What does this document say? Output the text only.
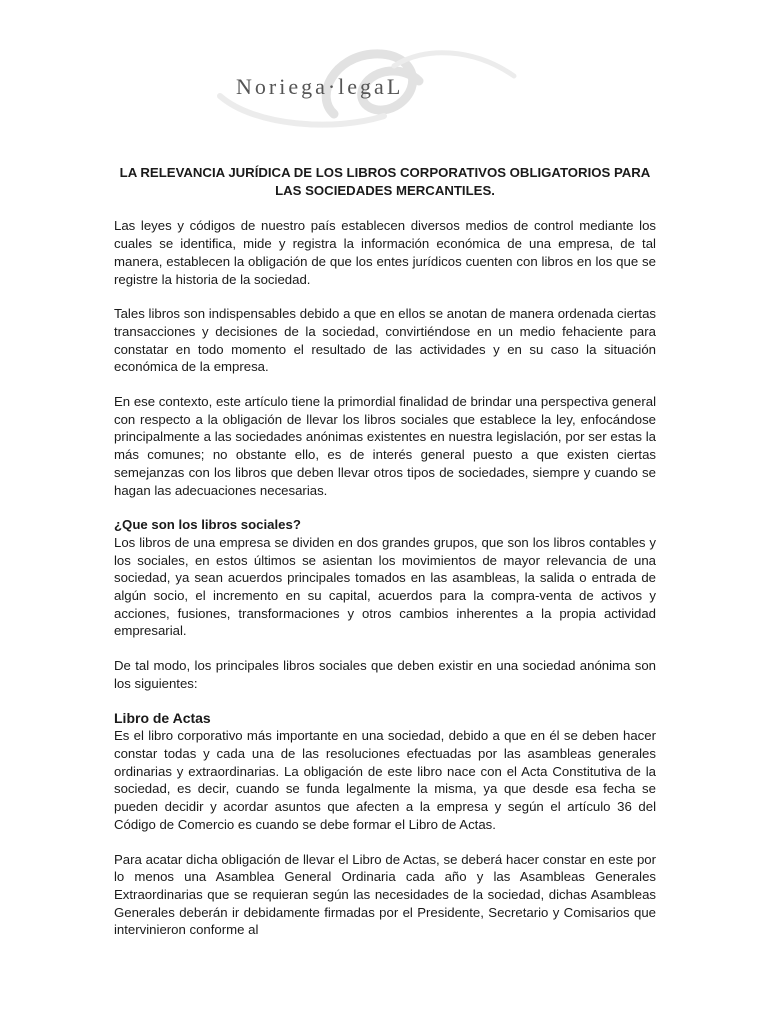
Noriega·legaL
LA RELEVANCIA JURÍDICA DE LOS LIBROS CORPORATIVOS OBLIGATORIOS PARA LAS SOCIEDADES MERCANTILES.

Las leyes y códigos de nuestro país establecen diversos medios de control mediante los cuales se identifica, mide y registra la información económica de una empresa, de tal manera, establecen la obligación de que los entes jurídicos cuenten con libros en los que se registre la historia de la sociedad.

Tales libros son indispensables debido a que en ellos se anotan de manera ordenada ciertas transacciones y decisiones de la sociedad, convirtiéndose en un medio fehaciente para constatar en todo momento el resultado de las actividades y en su caso la situación económica de la empresa.

En ese contexto, este artículo tiene la primordial finalidad de brindar una perspectiva general con respecto a la obligación de llevar los libros sociales que establece la ley, enfocándose principalmente a las sociedades anónimas existentes en nuestra legislación, por ser estas la más comunes; no obstante ello, es de interés general puesto a que existen ciertas semejanzas con los libros que deben llevar otros tipos de sociedades, siempre y cuando se hagan las adecuaciones necesarias.

¿Que son los libros sociales?

Los libros de una empresa se dividen en dos grandes grupos, que son los libros contables y los sociales, en estos últimos se asientan los movimientos de mayor relevancia de una sociedad, ya sean acuerdos principales tomados en las asambleas, la salida o entrada de algún socio, el incremento en su capital, acuerdos para la compra-venta de activos y acciones, fusiones, transformaciones y otros cambios inherentes a la propia actividad empresarial.

De tal modo, los principales libros sociales que deben existir en una sociedad anónima son los siguientes:

Libro de Actas

Es el libro corporativo más importante en una sociedad, debido a que en él se deben hacer constar todas y cada una de las resoluciones efectuadas por las asambleas generales ordinarias y extraordinarias. La obligación de este libro nace con el Acta Constitutiva de la sociedad, es decir, cuando se funda legalmente la misma, ya que desde esa fecha se pueden decidir y acordar asuntos que afecten a la empresa y según el artículo 36 del Código de Comercio es cuando se debe formar el Libro de Actas.

Para acatar dicha obligación de llevar el Libro de Actas, se deberá hacer constar en este por lo menos una Asamblea General Ordinaria cada año y las Asambleas Generales Extraordinarias que se requieran según las necesidades de la sociedad, dichas Asambleas Generales deberán ir debidamente firmadas por el Presidente, Secretario y Comisarios que intervinieron conforme al
